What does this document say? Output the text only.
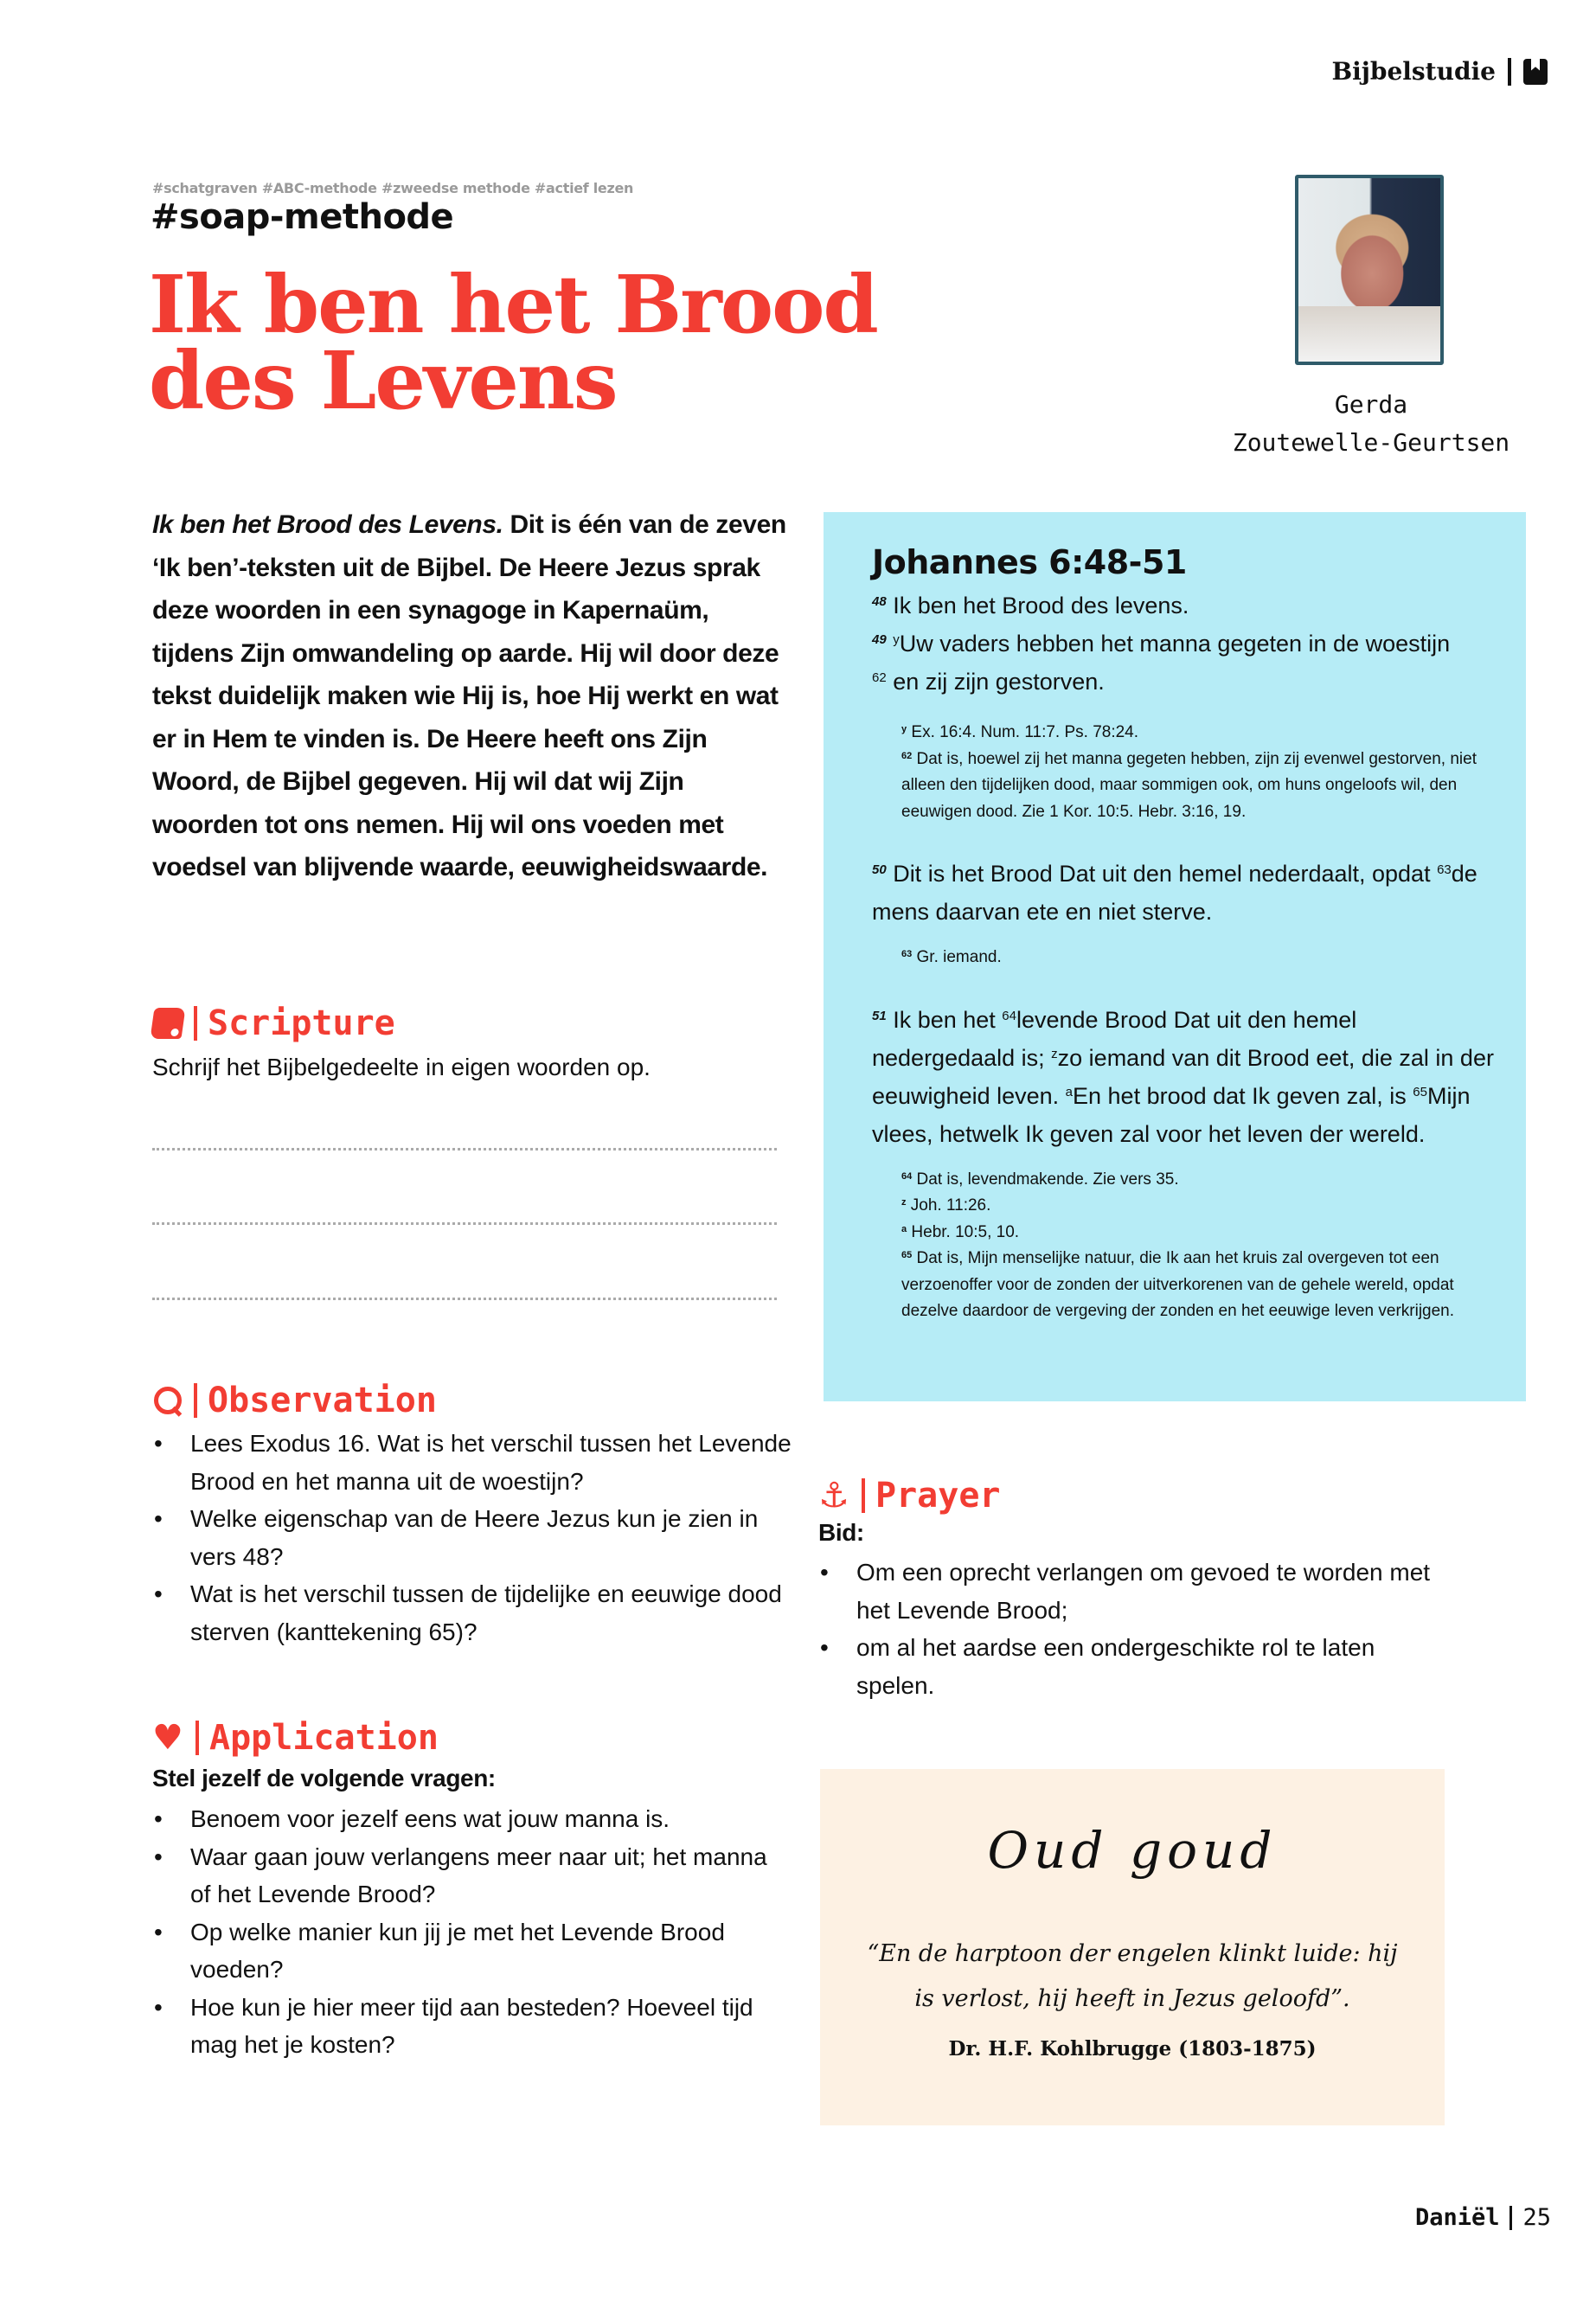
Bijbelstudie
#schatgraven #ABC-methode #zweedse methode #actief lezen
#soap-methode
Ik ben het Brood
des Levens	Gerda
Zoutewelle-Geurtsen

Ik ben het Brood des Levens. Dit is één van de zeven ‘Ik ben’-teksten uit de Bijbel. De Heere Jezus sprak deze woorden in een synagoge in Kapernaüm, tijdens Zijn omwandeling op aarde. Hij wil door deze tekst duidelijk maken wie Hij is, hoe Hij werkt en wat er in Hem te vinden is. De Heere heeft ons Zijn Woord, de Bijbel gegeven. Hij wil dat wij Zijn woorden tot ons nemen. Hij wil ons voeden met voedsel van blijvende waarde, eeuwigheidswaarde.

Johannes 6:48-51
$^{48}$ Ik ben het Brood des levens.
$^{49}$ $^y$Uw vaders hebben het manna gegeten in de woestijn
$^{62}$ en zij zijn gestorven.
$^y$ Ex. 16:4. Num. 11:7. Ps. 78:24.
$^{62}$ Dat is, hoewel zij het manna gegeten hebben, zijn zij evenwel gestorven, niet alleen den tijdelijken dood, maar sommigen ook, om huns ongeloofs wil, den eeuwigen dood. Zie 1 Kor. 10:5. Hebr. 3:16, 19.
$^{50}$ Dit is het Brood Dat uit den hemel nederdaalt, opdat $^{63}$de mens daarvan ete en niet sterve.
$^{63}$ Gr. iemand.
$^{51}$ Ik ben het $^{64}$levende Brood Dat uit den hemel nedergedaald is; $^z$zo iemand van dit Brood eet, die zal in der eeuwigheid leven. $^a$En het brood dat Ik geven zal, is $^{65}$Mijn vlees, hetwelk Ik geven zal voor het leven der wereld.
$^{64}$ Dat is, levendmakende. Zie vers 35.
$^z$ Joh. 11:26.
$^a$ Hebr. 10:5, 10.
$^{65}$ Dat is, Mijn menselijke natuur, die Ik aan het kruis zal overgeven tot een verzoenoffer voor de zonden der uitverkorenen van de gehele wereld, opdat dezelve daardoor de vergeving der zonden en het eeuwige leven verkrijgen.
Scripture
Schrijf het Bijbelgedeelte in eigen woorden op.
Observation
• Lees Exodus 16. Wat is het verschil tussen het Levende Brood en het manna uit de woestijn?
• Welke eigenschap van de Heere Jezus kun je zien in vers 48?
• Wat is het verschil tussen de tijdelijke en eeuwige dood sterven (kanttekening 65)?
♥ Application
Stel jezelf de volgende vragen:
• Benoem voor jezelf eens wat jouw manna is.
• Waar gaan jouw verlangens meer naar uit; het manna of het Levende Brood?
• Op welke manier kun jij je met het Levende Brood voeden?
• Hoe kun je hier meer tijd aan besteden? Hoeveel tijd mag het je kosten?
⚓ Prayer
Bid:
• Om een oprecht verlangen om gevoed te worden met het Levende Brood;
• om al het aardse een ondergeschikte rol te laten spelen.
Oud goud
“En de harptoon der engelen klinkt luide: hij is verlost, hij heeft in Jezus geloofd”.
Dr. H.F. Kohlbrugge (1803-1875)
Daniël 25
